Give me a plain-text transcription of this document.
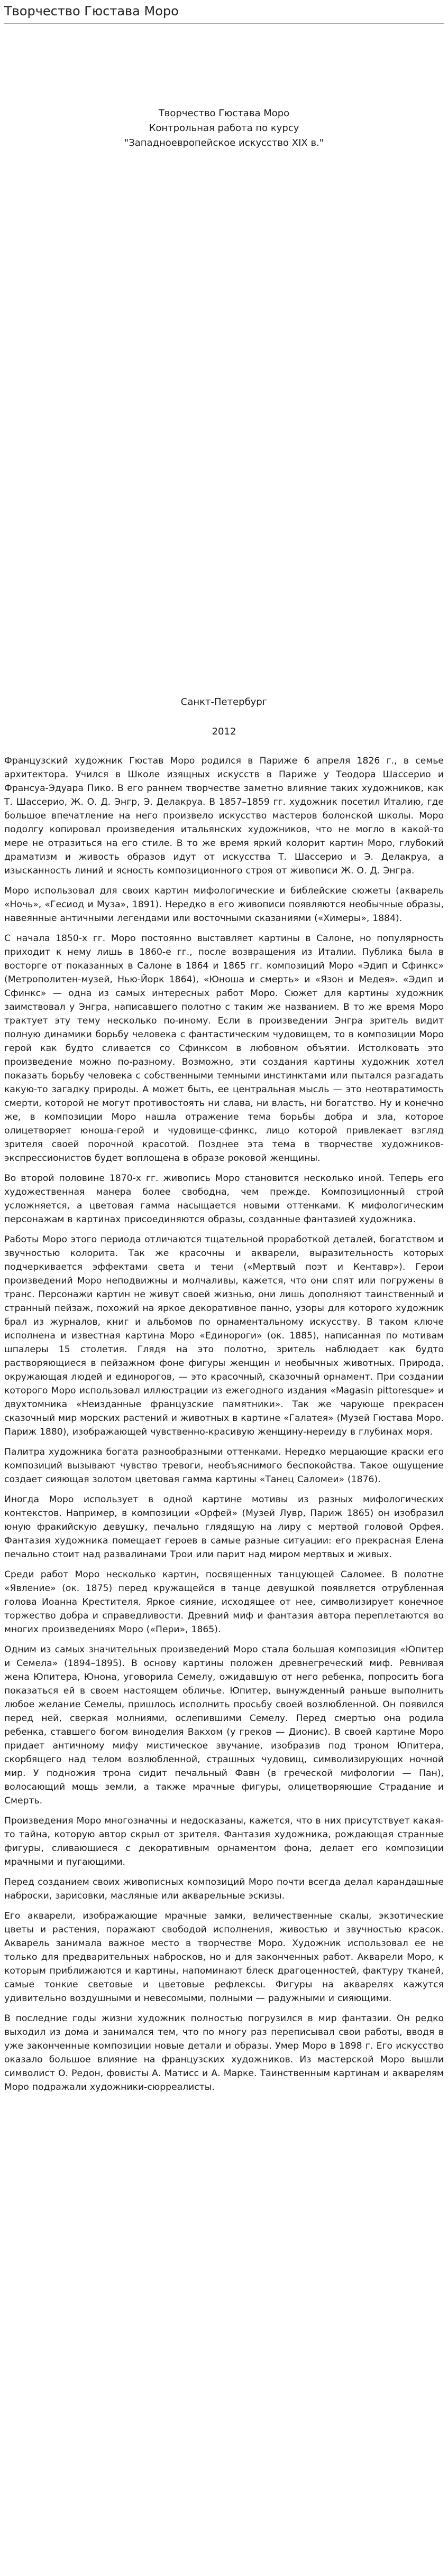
Творчество Гюстава Моро

Творчество Гюстава Моро

Контрольная работа по курсу

"Западноевропейское искусство XIX в."

Санкт-Петербург

2012

Французский художник Гюстав Моро родился в Париже 6 апреля 1826 г., в семье архитектора. Учился в Школе изящных искусств в Париже у Теодора Шассерио и Франсуа-Эдуара Пико. В его раннем творчестве заметно влияние таких художников, как Т. Шассерио, Ж. О. Д. Энгр, Э. Делакруа. В 1857–1859 гг. художник посетил Италию, где большое впечатление на него произвело искусство мастеров болонской школы. Моро подолгу копировал произведения итальянских художников, что не могло в какой-то мере не отразиться на его стиле. В то же время яркий колорит картин Моро, глубокий драматизм и живость образов идут от искусства Т. Шассерио и Э. Делакруа, а изысканность линий и ясность композиционного строя от живописи Ж. О. Д. Энгра.

Моро использовал для своих картин мифологические и библейские сюжеты (акварель «Ночь», «Гесиод и Муза», 1891). Нередко в его живописи появляются необычные образы, навеянные античными легендами или восточными сказаниями («Химеры», 1884).

С начала 1850-х гг. Моро постоянно выставляет картины в Салоне, но популярность приходит к нему лишь в 1860-е гг., после возвращения из Италии. Публика была в восторге от показанных в Салоне в 1864 и 1865 гг. композиций Моро «Эдип и Сфинкс» (Метрополитен-музей, Нью-Йорк 1864), «Юноша и смерть» и «Язон и Медея». «Эдип и Сфинкс» — одна из самых интересных работ Моро. Сюжет для картины художник заимствовал у Энгра, написавшего полотно с таким же названием. В то же время Моро трактует эту тему несколько по-иному. Если в произведении Энгра зритель видит полную динамики борьбу человека с фантастическим чудовищем, то в композиции Моро герой как будто сливается со Сфинксом в любовном объятии. Истолковать это произведение можно по-разному. Возможно, эти создания картины художник хотел показать борьбу человека с собственными темными инстинктами или пытался разгадать какую-то загадку природы. А может быть, ее центральная мысль — это неотвратимость смерти, которой не могут противостоять ни слава, ни власть, ни богатство. Ну и конечно же, в композиции Моро нашла отражение тема борьбы добра и зла, которое олицетворяет юноша-герой и чудовище-сфинкс, лицо которой привлекает взгляд зрителя своей порочной красотой. Позднее эта тема в творчестве художников-экспрессионистов будет воплощена в образе роковой женщины.

Во второй половине 1870-х гг. живопись Моро становится несколько иной. Теперь его художественная манера более свободна, чем прежде. Композиционный строй усложняется, а цветовая гамма насыщается новыми оттенками. К мифологическим персонажам в картинах присоединяются образы, созданные фантазией художника.

Работы Моро этого периода отличаются тщательной проработкой деталей, богатством и звучностью колорита. Так же красочны и акварели, выразительность которых подчеркивается эффектами светa и тени («Мертвый поэт и Кентавр»). Герои произведений Моро неподвижны и молчаливы, кажется, что они спят или погружены в транс. Персонажи картин не живут своей жизнью, они лишь дополняют таинственный и странный пейзаж, похожий на яркое декоративное панно, узоры для которого художник брал из журналов, книг и альбомов по орнаментальному искусству. В таком ключе исполнена и известная картина Моро «Единороги» (ок. 1885), написанная по мотивам шпалеры 15 столетия. Глядя на это полотно, зритель наблюдает как будто растворяющиеся в пейзажном фоне фигуры женщин и необычных животных. Природа, окружающая людей и единорогов, — это красочный, сказочный орнамент. При создании которого Моро использовал иллюстрации из ежегодного издания «Magasin pittoresque» и двухтомника «Неизданные французские памятники». Так же чарующе прекрасен сказочный мир морских растений и животных в картине «Галатея» (Музей Гюстава Моро. Париж 1880), изображающей чувственно-красивую женщину-нереиду в глубинах моря.

Палитра художника богата разнообразными оттенками. Нередко мерцающие краски его композиций вызывают чувство тревоги, необъяснимого беспокойства. Такое ощущение создает сияющая золотом цветовая гамма картины «Танец Саломеи» (1876).

Иногда Моро использует в одной картине мотивы из разных мифологических контекстов. Например, в композиции «Орфей» (Музей Лувр, Париж 1865) он изобразил юную фракийскую девушку, печально глядящую на лиру с мертвой головой Орфея. Фантазия художника помещает героев в самые разные ситуации: его прекрасная Елена печально стоит над развалинами Трои или парит над миром мертвых и живых.

Среди работ Моро несколько картин, посвященных танцующей Саломее. В полотне «Явление» (ок. 1875) перед кружащейся в танце девушкой появляется отрубленная голова Иоанна Крестителя. Яркое сияние, исходящее от нее, символизирует конечное торжество добра и справедливости. Древний миф и фантазия автора переплетаются во многих произведениях Моро («Пери», 1865).

Одним из самых значительных произведений Моро стала большая композиция «Юпитер и Семела» (1894–1895). В основу картины положен древнегреческий миф. Ревнивая жена Юпитера, Юнона, уговорила Семелу, ожидавшую от него ребенка, попросить бога показаться ей в своем настоящем обличье. Юпитер, вынужденный раньше выполнить любое желание Семелы, пришлось исполнить просьбу своей возлюбленной. Он появился перед ней, сверкая молниями, ослепившими Семелу. Перед смертью она родила ребенка, ставшего богом виноделия Вакхом (у греков — Дионис). В своей картине Моро придает античному мифу мистическое звучание, изобразив под троном Юпитера, скорбящего над телом возлюбленной, страшных чудовищ, символизирующих ночной мир. У подножия трона сидит печальный Фавн (в греческой мифологии — Пан), волосающий мощь земли, а также мрачные фигуры, олицетворяющие Страдание и Смерть.

Произведения Моро многозначны и недосказаны, кажется, что в них присутствует какая-то тайна, которую автор скрыл от зрителя. Фантазия художника, рождающая странные фигуры, сливающиеся с декоративным орнаментом фона, делает его композиции мрачными и пугающими.

Перед созданием своих живописных композиций Моро почти всегда делал карандашные наброски, зарисовки, масляные или акварельные эскизы.

Его акварели, изображающие мрачные замки, величественные скалы, экзотические цветы и растения, поражают свободой исполнения, живостью и звучностью красок. Акварель занимала важное место в творчестве Моро. Художник использовал ее не только для предварительных набросков, но и для законченных работ. Акварели Моро, к которым приближаются и картины, напоминают блеск драгоценностей, фактуру тканей, самые тонкие световые и цветовые рефлексы. Фигуры на акварелях кажутся удивительно воздушными и невесомыми, полными — радужными и сияющими.

В последние годы жизни художник полностью погрузился в мир фантазии. Он редко выходил из дома и занимался тем, что по многу раз переписывал свои работы, вводя в уже законченные композиции новые детали и образы. Умер Моро в 1898 г. Его искусство оказало большое влияние на французских художников. Из мастерской Моро вышли символист О. Редон, фовисты А. Матисс и А. Марке. Таинственным картинам и акварелям Моро подражали художники-сюрреалисты.
